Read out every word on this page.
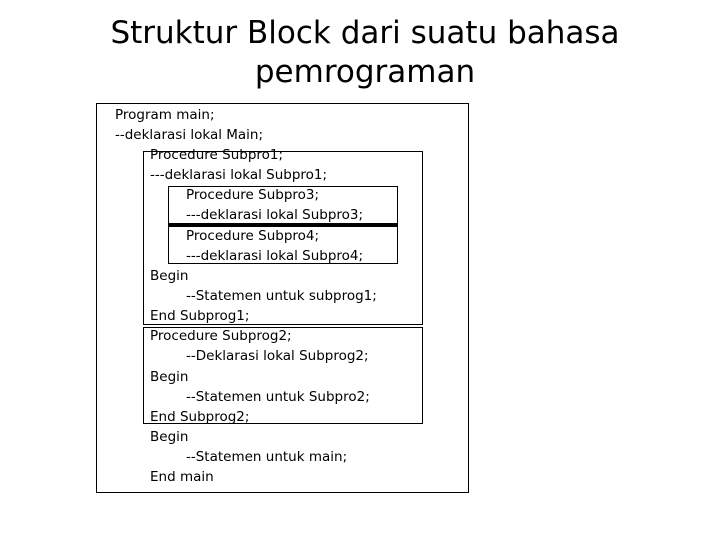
Struktur Block dari suatu bahasa
pemrograman
Program main;
--deklarasi lokal Main;
Procedure Subpro1;
---deklarasi lokal Subpro1;
Procedure Subpro3;
---deklarasi lokal Subpro3;
Procedure Subpro4;
---deklarasi lokal Subpro4;
Begin
--Statemen untuk subprog1;
End Subprog1;
Procedure Subprog2;
--Deklarasi lokal Subprog2;
Begin
--Statemen untuk Subpro2;
End Subprog2;
Begin
--Statemen untuk main;
End main
